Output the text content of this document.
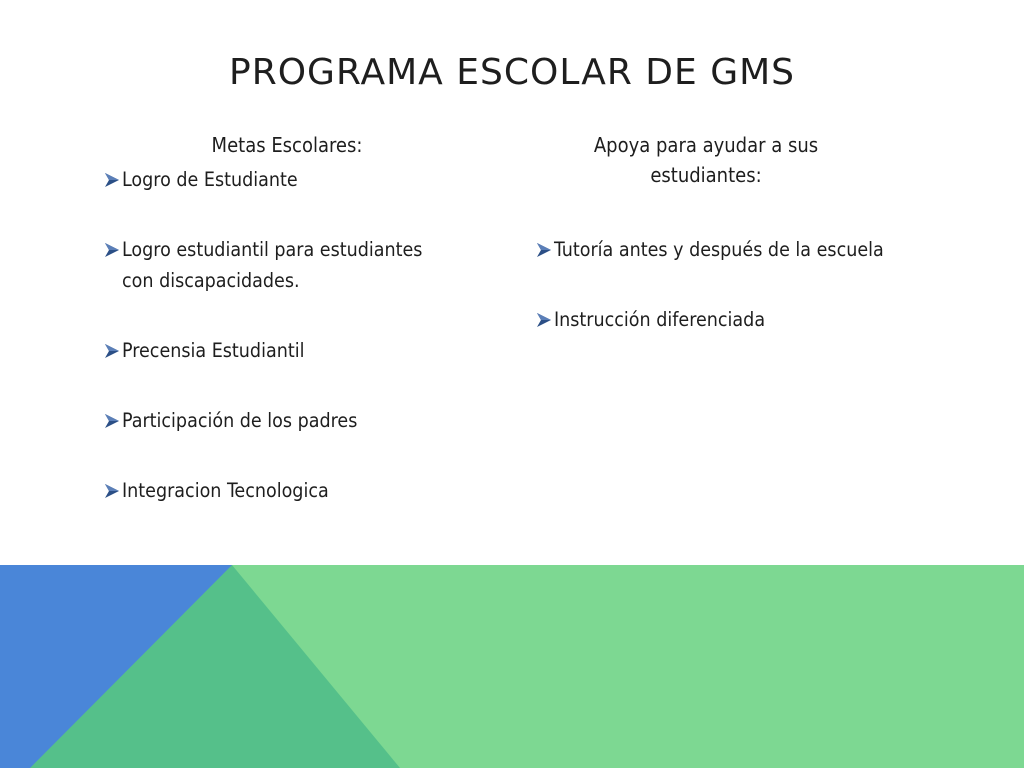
PROGRAMA ESCOLAR DE GMS

Metas Escolares:

Logro de Estudiante
Logro estudiantil para estudiantes con discapacidades.
Precensia Estudiantil
Participación de los padres
Integracion Tecnologica

Apoya para ayudar a sus estudiantes:

Tutoría antes y después de la escuela
Instrucción diferenciada
